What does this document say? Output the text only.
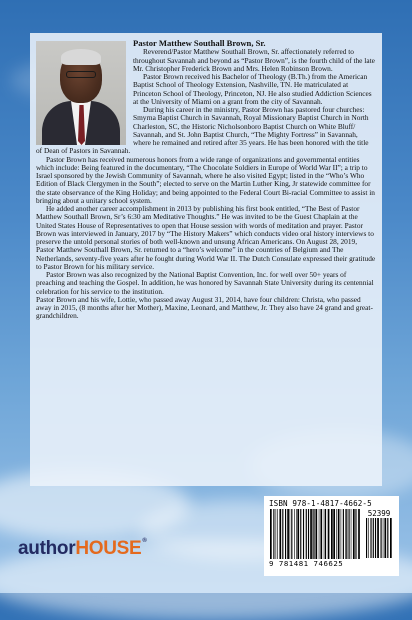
Pastor Matthew Southall Brown, Sr.

Reverend/Pastor Matthew Southall Brown, Sr. affectionately referred to throughout Savannah and beyond as “Pastor Brown”, is the fourth child of the late Mr. Christopher Frederick Brown and Mrs. Helen Robinson Brown.

Pastor Brown received his Bachelor of Theology (B.Th.) from the American Baptist School of Theology Extension, Nashville, TN. He matriculated at Princeton School of Theology, Princeton, NJ. He also studied Addiction Sciences at the University of Miami on a grant from the city of Savannah.

During his career in the ministry, Pastor Brown has pastored four churches: Smyrna Baptist Church in Savannah, Royal Missionary Baptist Church in North Charleston, SC, the Historic Nicholsonboro Baptist Church on White Bluff/ Savannah, and St. John Baptist Church, “The Mighty Fortress” in Savannah, where he remained and retired after 35 years. He has been honored with the title of Dean of Pastors in Savannah.

Pastor Brown has received numerous honors from a wide range of organizations and governmental entities which include: Being featured in the documentary, “The Chocolate Soldiers in Europe of World War II”; a trip to Israel sponsored by the Jewish Community of Savannah, where he also visited Egypt; listed in the “Who’s Who Edition of Black Clergymen in the South”; elected to serve on the Martin Luther King, Jr statewide committee for the state observance of the King Holiday; and being appointed to the Federal Court Bi-racial Committee to assist in bringing about a unitary school system.

He added another career accomplishment in 2013 by publishing his first book entitled, “The Best of Pastor Matthew Southall Brown, Sr’s 6:30 am Meditative Thoughts.” He was invited to be the Guest Chaplain at the United States House of Representatives to open that House session with words of meditation and prayer. Pastor Brown was interviewed in January, 2017 by “The History Makers” which conducts video oral history interviews to preserve the untold personal stories of both well-known and unsung African Americans. On August 28, 2019, Pastor Matthew Southall Brown, Sr. returned to a “hero’s welcome” in the countries of Belgium and The Netherlands, seventy-five years after he fought during World War II. The Dutch Consulate expressed their gratitude to Pastor Brown for his military service.

Pastor Brown was also recognized by the National Baptist Convention, Inc. for well over 50+ years of preaching and teaching the Gospel. In addition, he was honored by Savannah State University during its centennial celebration for his service to the institution.

Pastor Brown and his wife, Lottie, who passed away August 31, 2014, have four children: Christa, who passed away in 2015, (8 months after her Mother), Maxine, Leonard, and Matthew, Jr. They also have 24 grand and great-grandchildren.

ISBN 978-1-4817-4662-5
52399
9 781481 746625
authorHOUSE®
